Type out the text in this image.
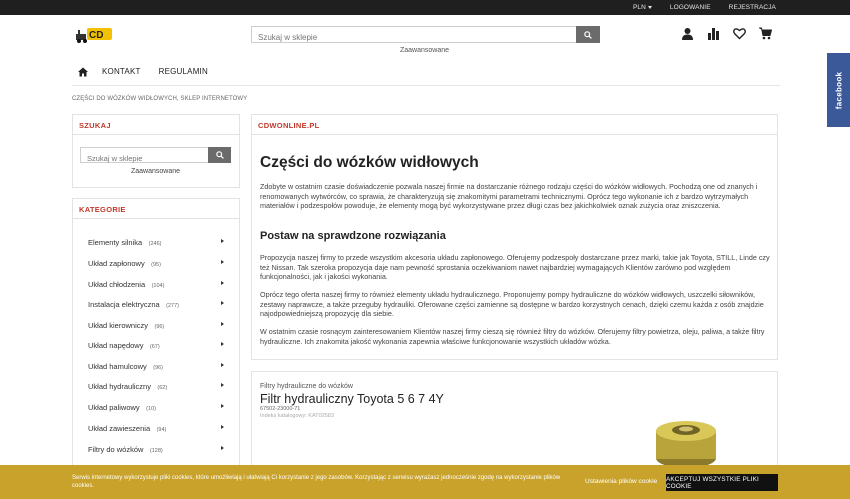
PLN	LOGOWANIE	REJESTRACJA
CD
Szukaj w sklepie
Zaawansowane
KONTAKT REGULAMIN
CZĘŚCI DO WÓZKÓW WIDŁOWYCH, SKLEP INTERNETOWY
SZUKAJ
Szukaj w sklepie
Zaawansowane
KATEGORIE
Elementy silnika (246)
Układ zapłonowy (95)
Układ chłodzenia (104)
Instalacja elektryczna (277)
Układ kierowniczy (96)
Układ napędowy (67)
Układ hamulcowy (96)
Układ hydrauliczny (62)
Układ paliwowy (10)
Układ zawieszenia (94)
Filtry do wózków (128)
CDWONLINE.PL
Części do wózków widłowych

Zdobyte w ostatnim czasie doświadczenie pozwala naszej firmie na dostarczanie różnego rodzaju części do wózków widłowych. Pochodzą one od znanych i renomowanych wytwórców, co sprawia, że charakteryzują się znakomitymi parametrami technicznymi. Oprócz tego wykonanie ich z bardzo wytrzymałych materiałów i podzespołów powoduje, że elementy mogą być wykorzystywane przez długi czas bez jakichkolwiek oznak zużycia oraz zniszczenia.

Postaw na sprawdzone rozwiązania

Propozycja naszej firmy to przede wszystkim akcesoria układu zapłonowego. Oferujemy podzespoły dostarczane przez marki, takie jak Toyota, STILL, Linde czy też Nissan. Tak szeroka propozycja daje nam pewność sprostania oczekiwaniom nawet najbardziej wymagających Klientów zarówno pod względem funkcjonalności, jak i jakości wykonania.

Oprócz tego oferta naszej firmy to również elementy układu hydraulicznego. Proponujemy pompy hydrauliczne do wózków widłowych, uszczelki siłowników, zestawy naprawcze, a także przeguby hydrauliki. Oferowane części zamienne są dostępne w bardzo korzystnych cenach, dzięki czemu każda z osób znajdzie najodpowiedniejszą propozycję dla siebie.

W ostatnim czasie rosnącym zainteresowaniem Klientów naszej firmy cieszą się również filtry do wózków. Oferujemy filtry powietrza, oleju, paliwa, a także filtry hydrauliczne. Ich znakomita jakość wykonania zapewnia właściwe funkcjonowanie wszystkich układów wózka.

Filtry hydrauliczne do wózków
Filtr hydrauliczny Toyota 5 6 7 4Y
67502-23000-71
Indeks katalogowy: KAT02583
facebook
Serwis internetowy wykorzystuje pliki cookies, które umożliwiają i ułatwiają Ci korzystanie z jego zasobów. Korzystając z serwisu wyrażasz jednocześnie zgodę na wykorzystanie plików cookies.
Ustawienia plików cookie AKCEPTUJ WSZYSTKIE PLIKI COOKIE
